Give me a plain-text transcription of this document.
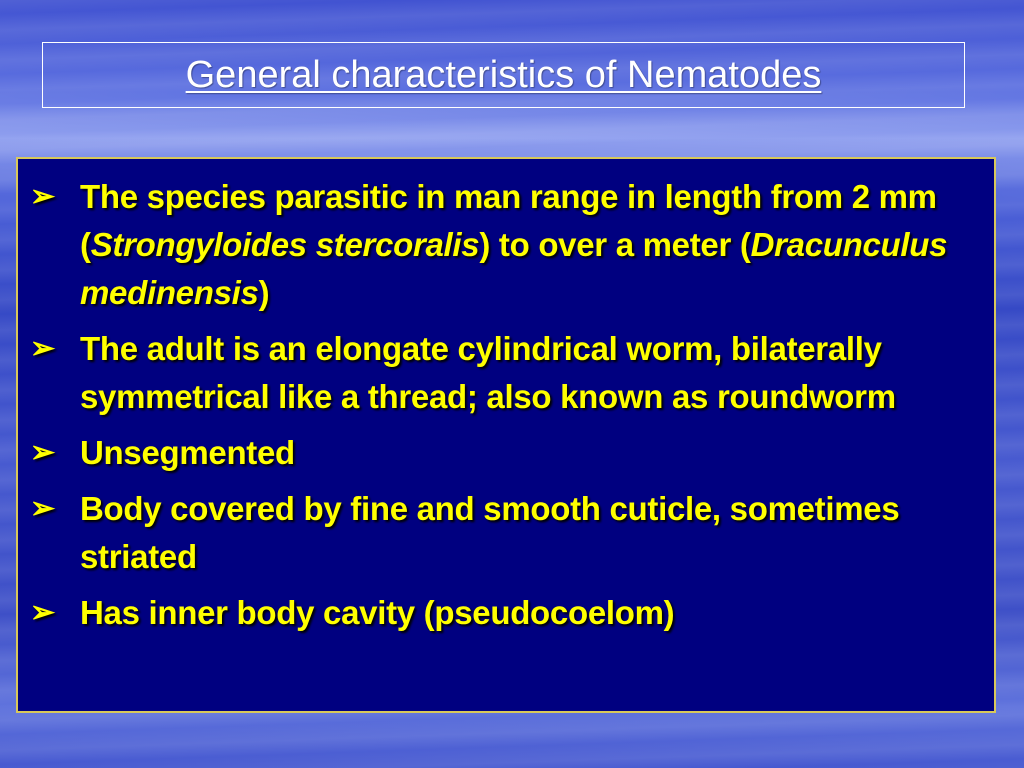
General characteristics of Nematodes
➢ The species parasitic in man range in length from 2 mm (Strongyloides stercoralis) to over a meter (Dracunculus medinensis)
➢ The adult is an elongate cylindrical worm, bilaterally symmetrical like a thread; also known as roundworm
➢ Unsegmented
➢ Body covered by fine and smooth cuticle, sometimes striated
➢ Has inner body cavity (pseudocoelom)
